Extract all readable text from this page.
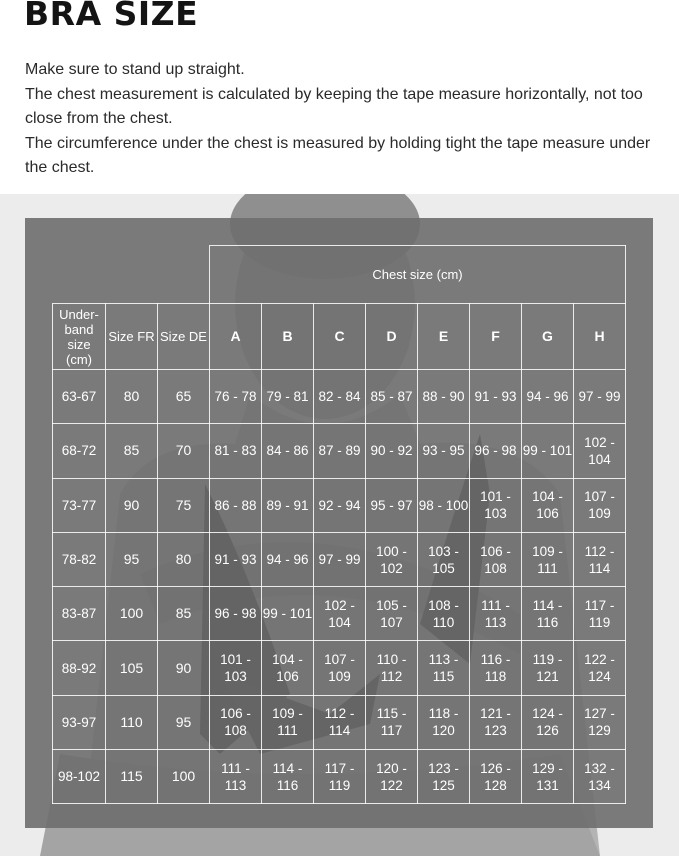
BRA SIZE

Make sure to stand up straight.

The chest measurement is calculated by keeping the tape measure horizontally, not too close from the chest.

The circumference under the chest is measured by holding tight the tape measure under the chest.

			Chest size (cm)							
Under-band size (cm)	Size FR	Size DE	A	B	C	D	E	F	G	H
63-67	80	65	76 - 78	79 - 81	82 - 84	85 - 87	88 - 90	91 - 93	94 - 96	97 - 99
68-72	85	70	81 - 83	84 - 86	87 - 89	90 - 92	93 - 95	96 - 98	99 - 101	102 - 104
73-77	90	75	86 - 88	89 - 91	92 - 94	95 - 97	98 - 100	101 - 103	104 - 106	107 - 109
78-82	95	80	91 - 93	94 - 96	97 - 99	100 - 102	103 - 105	106 - 108	109 - 111	112 - 114
83-87	100	85	96 - 98	99 - 101	102 - 104	105 - 107	108 - 110	111 - 113	114 - 116	117 - 119
88-92	105	90	101 - 103	104 - 106	107 - 109	110 - 112	113 - 115	116 - 118	119 - 121	122 - 124
93-97	110	95	106 - 108	109 - 111	112 - 114	115 - 117	118 - 120	121 - 123	124 - 126	127 - 129
98-102	115	100	111 - 113	114 - 116	117 - 119	120 - 122	123 - 125	126 - 128	129 - 131	132 - 134
